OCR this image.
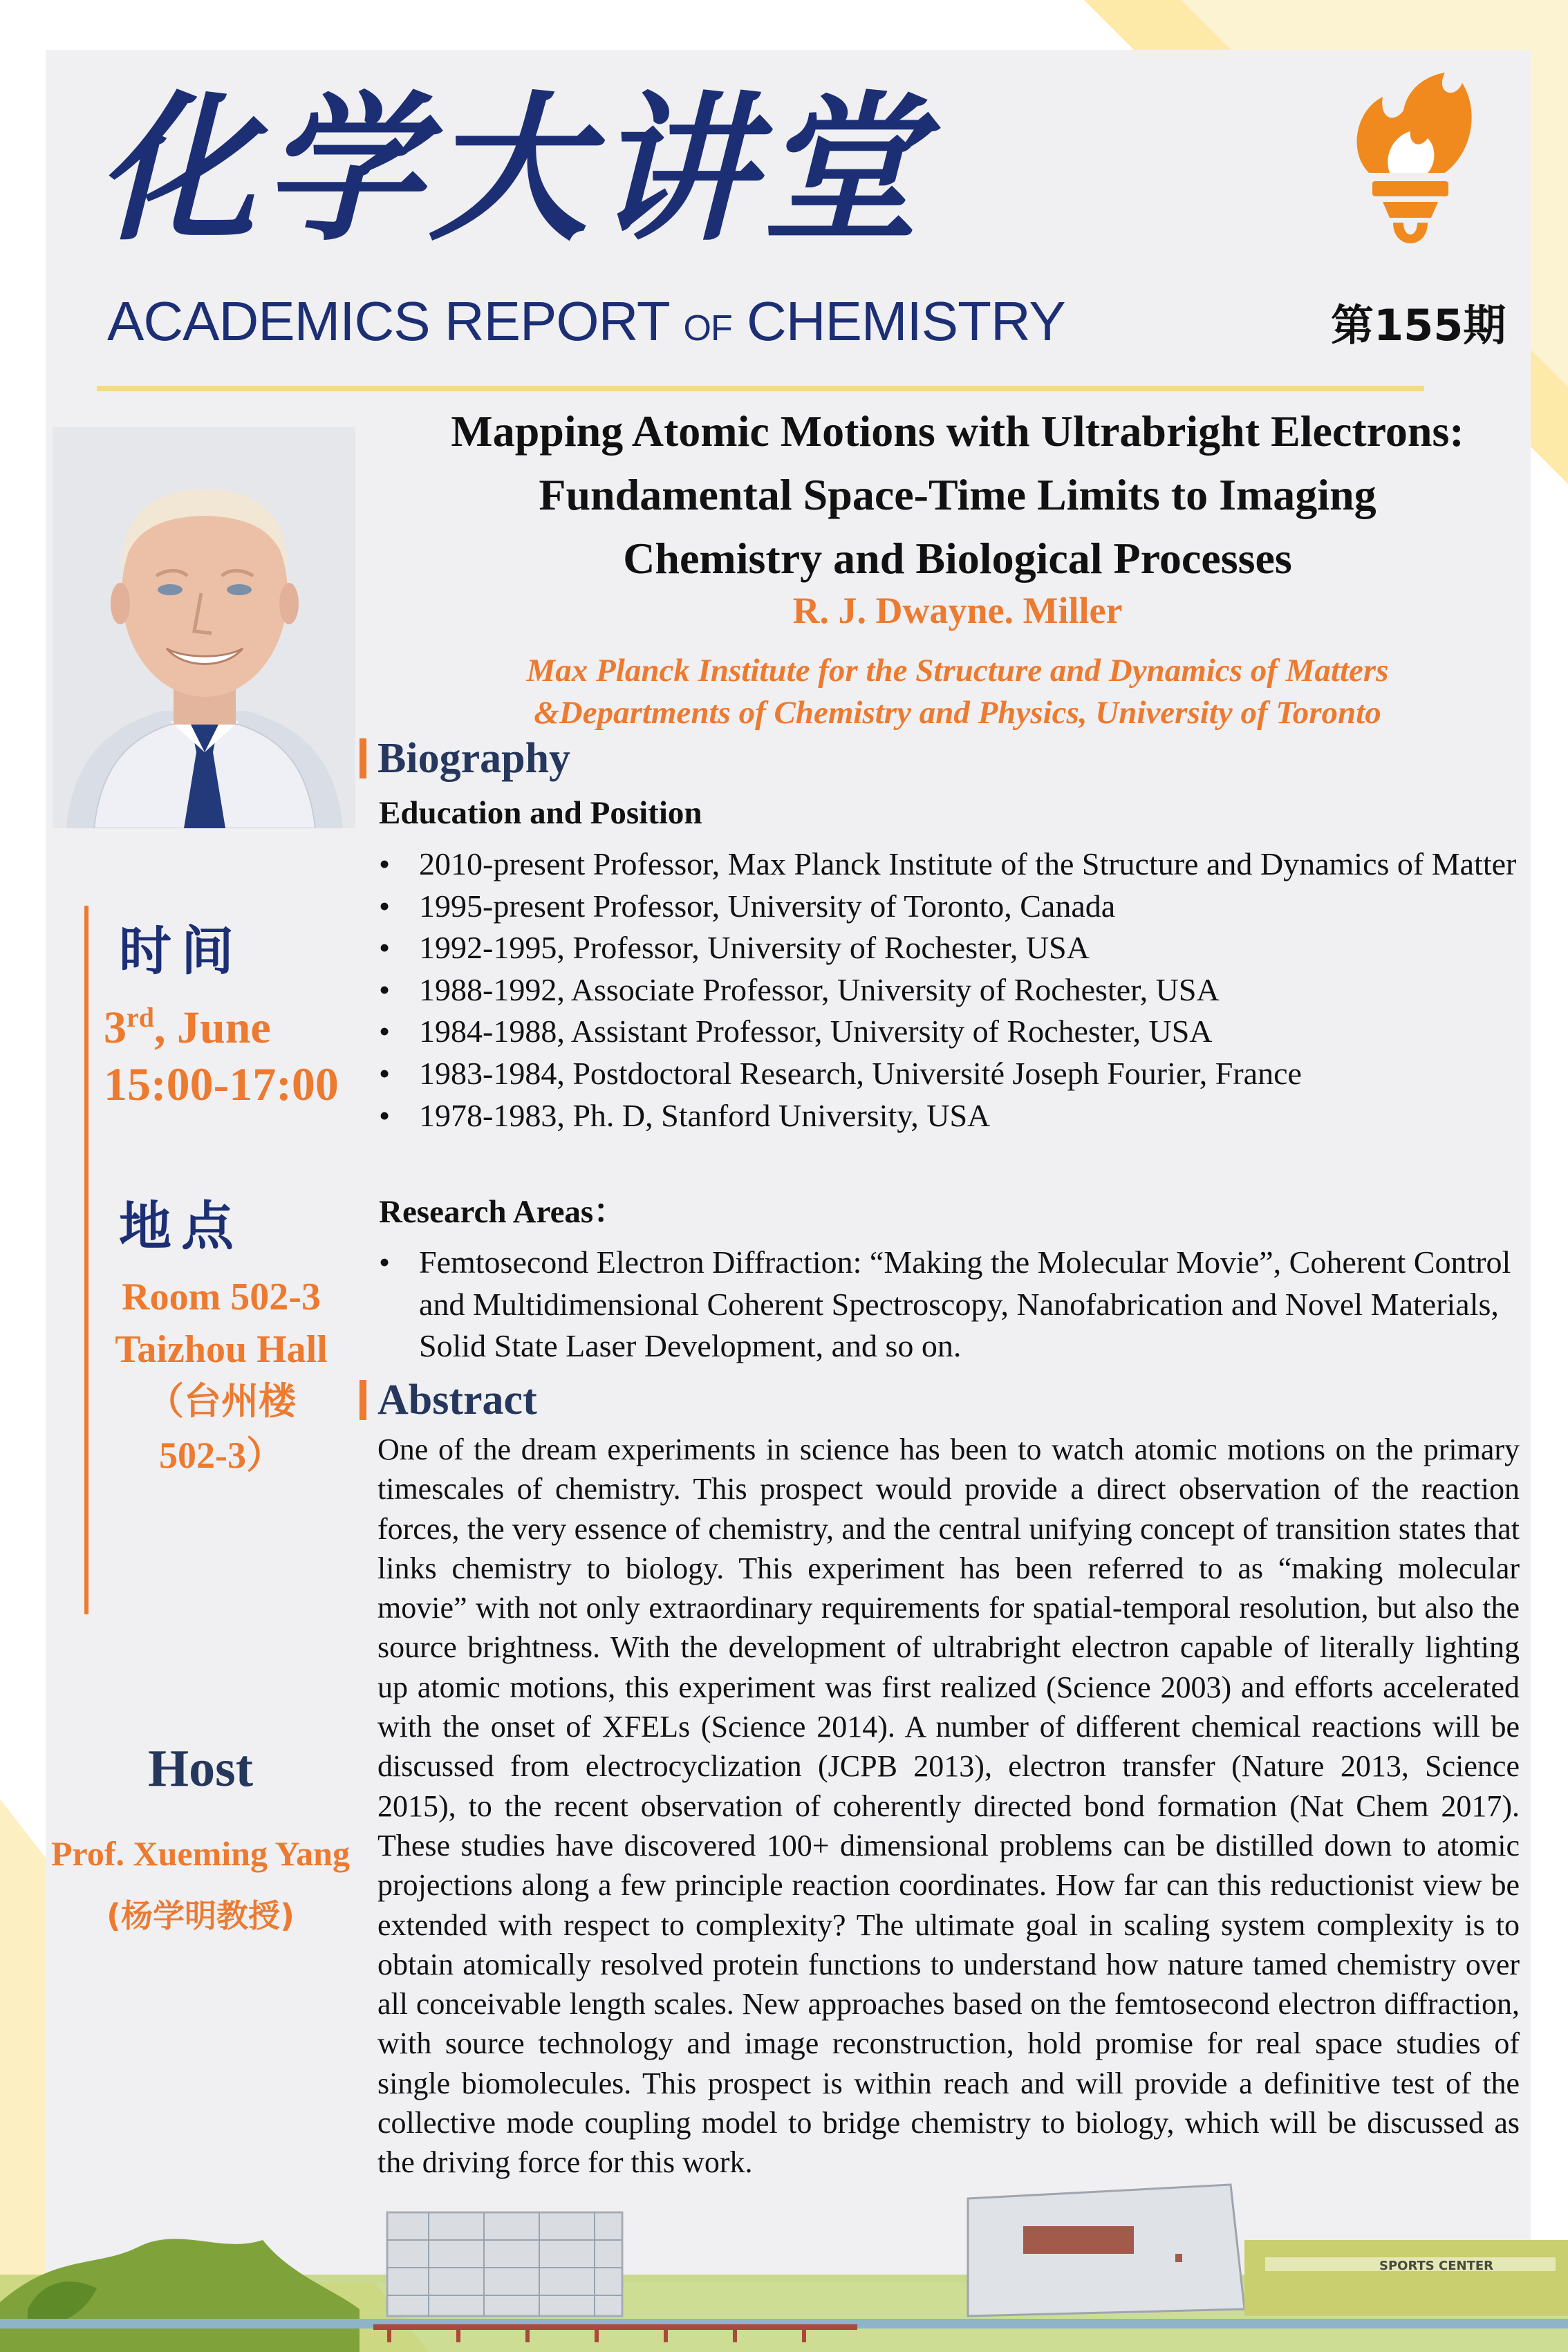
化学大讲堂
ACADEMICS REPORT OF CHEMISTRY	第155期
Mapping Atomic Motions with Ultrabright Electrons:
Fundamental Space-Time Limits to Imaging
Chemistry and Biological Processes
R. J. Dwayne. Miller
Max Planck Institute for the Structure and Dynamics of Matters
&Departments of Chemistry and Physics, University of Toronto
Biography
Education and Position
• 2010-present Professor, Max Planck Institute of the Structure and Dynamics of Matter
• 1995-present Professor, University of Toronto, Canada
• 1992-1995, Professor, University of Rochester, USA
• 1988-1992, Associate Professor, University of Rochester, USA
• 1984-1988, Assistant Professor, University of Rochester, USA
• 1983-1984, Postdoctoral Research, Université Joseph Fourier, France
• 1978-1983, Ph. D, Stanford University, USA
Research Areas：
• Femtosecond Electron Diffraction: “Making the Molecular Movie”, Coherent Control and Multidimensional Coherent Spectroscopy, Nanofabrication and Novel Materials, Solid State Laser Development, and so on.
Abstract

One of the dream experiments in science has been to watch atomic motions on the primary timescales of chemistry. This prospect would provide a direct observation of the reaction forces, the very essence of chemistry, and the central unifying concept of transition states that links chemistry to biology. This experiment has been referred to as “making molecular movie” with not only extraordinary requirements for spatial-temporal resolution, but also the source brightness. With the development of ultrabright electron capable of literally lighting up atomic motions, this experiment was first realized (Science 2003) and efforts accelerated with the onset of XFELs (Science 2014). A number of different chemical reactions will be discussed from electrocyclization (JCPB 2013), electron transfer (Nature 2013, Science 2015), to the recent observation of coherently directed bond formation (Nat Chem 2017). These studies have discovered 100+ dimensional problems can be distilled down to atomic projections along a few principle reaction coordinates. How far can this reductionist view be extended with respect to complexity? The ultimate goal in scaling system complexity is to obtain atomically resolved protein functions to understand how nature tamed chemistry over all conceivable length scales. New approaches based on the femtosecond electron diffraction, with source technology and image reconstruction, hold promise for real space studies of single biomolecules. This prospect is within reach and will provide a definitive test of the collective mode coupling model to bridge chemistry to biology, which will be discussed as the driving force for this work.

时间
3rd, June
15:00-17:00
地点
Room 502-3
Taizhou Hall
（台州楼
502-3）
Host
Prof. Xueming Yang
(杨学明教授)
SPORTS CENTER
